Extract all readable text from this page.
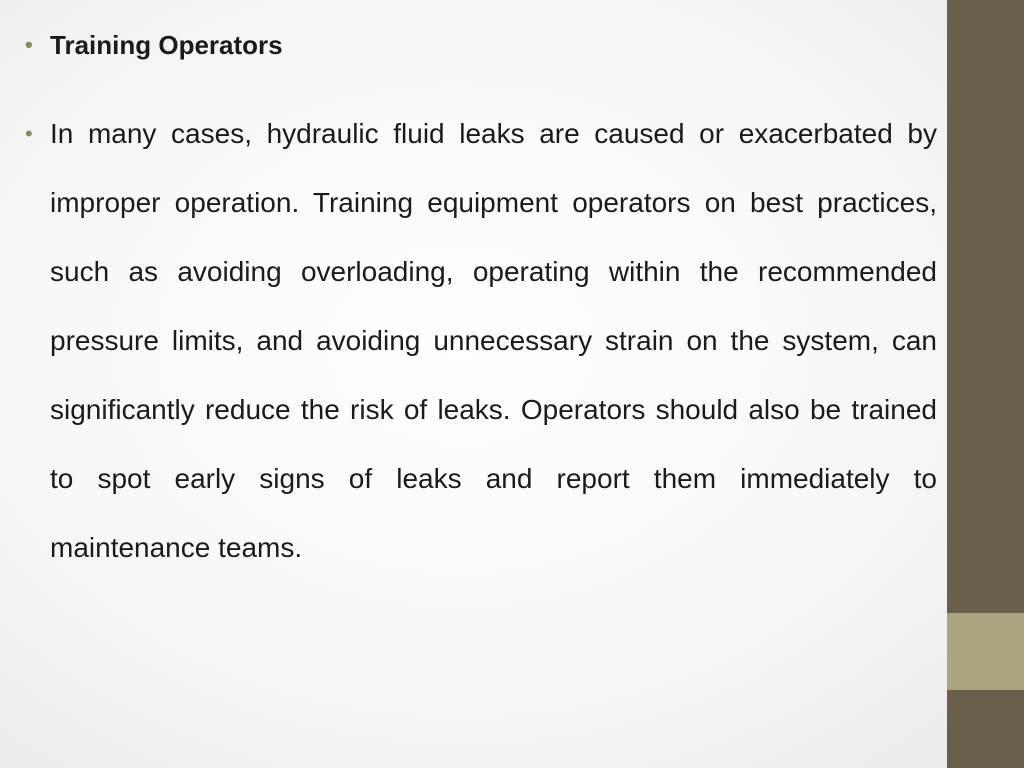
• Training Operators
• In many cases, hydraulic fluid leaks are caused or exacerbated by improper operation. Training equipment operators on best practices, such as avoiding overloading, operating within the recommended pressure limits, and avoiding unnecessary strain on the system, can significantly reduce the risk of leaks. Operators should also be trained to spot early signs of leaks and report them immediately to maintenance teams.
